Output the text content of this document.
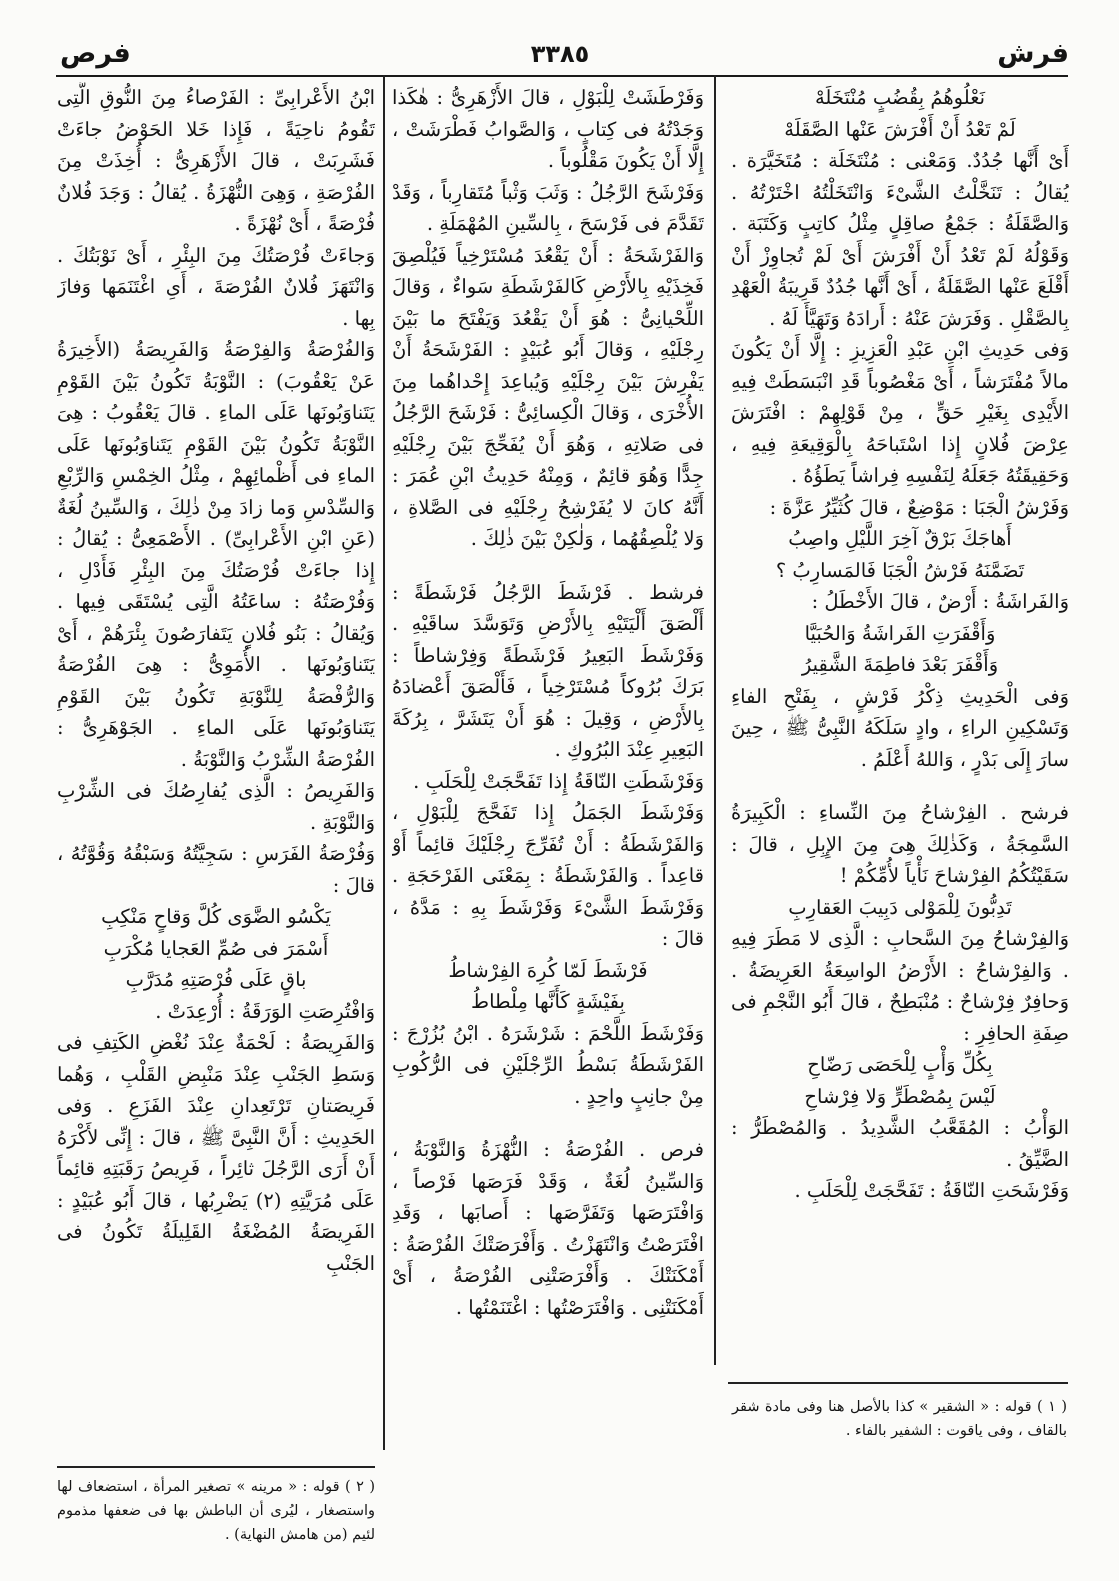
فرش
٣٣٨٥
فرص

نَعْلُوهُمُ بِقُضُبٍ مُنْتَخَلَهْ

لَمْ تَعْدُ أَنْ أَفْرَشَ عَنْها الصَّقَلَهْ

أَىْ أَنَّها جُدُدٌ. وَمَعْنى : مُنْتَخَلَة : مُتَخَيَّرَة . يُقالُ : تَنَخَّلْتُ الشَّىْءَ وَانْتَخَلْتُهُ اخْتَرْتُهُ . وَالصَّقَلَةُ : جَمْعُ صاقِلٍ مِثْلُ كاتِبٍ وَكَتَبَة . وَقَوْلُهُ لَمْ تَعْدُ أَنْ أَفْرَشَ أَىْ لَمْ تُجاوِزْ أَنْ أَقْلَعَ عَنْها الصَّقَلَةُ ، أَىْ أَنَّها جُدُدٌ قَرِيبَةُ الْعَهْدِ بِالصَّقْلِ . وَفَرَشَ عَنْهُ : أَرادَهُ وَتَهَيَّأَ لَهُ .

وَفى حَدِيثِ ابْنِ عَبْدِ الْعَزِيزِ : إِلَّا أَنْ يَكُونَ مالاً مُفْتَرَشاً ، أَىْ مَغْصُوباً قَدِ انْبَسَطَتْ فِيهِ الأَيْدِى بِغَيْرِ حَقٍّ ، مِنْ قَوْلِهِمْ : افْتَرَشَ عِرْضَ فُلانٍ إِذا اسْتَباحَهُ بِالْوَقِيعَةِ فِيهِ ، وَحَقِيقَتُهُ جَعَلَهُ لِنَفْسِهِ فِراشاً يَطَؤُهُ .

وَفَرْشُ الْجَبَا : مَوْضِعٌ ، قالَ كُثَيِّرُ عَزَّةَ :

أَهاجَكَ بَرْقٌ آخِرَ اللَّيْلِ واصِبُ

تَضَمَّنَهُ فَرْشُ الْجَبَا فَالمَسارِبُ ؟

وَالفَراشَةُ : أَرْضٌ ، قالَ الأَخْطَلُ :

وَأَقْفَرَتِ الفَراشَةُ وَالحُبَيَّا

وَأَقْفَرَ بَعْدَ فاطِمَةَ الشَّقِيرُ

وَفى الْحَدِيثِ ذِكْرُ فَرْشٍ ، بِفَتْحِ الفاءِ وَتَسْكِينِ الراءِ ، وادٍ سَلَكَهُ النَّبِىُّ ﷺ ، حِينَ سارَ إِلَى بَدْرٍ ، وَاللهُ أَعْلَمُ .

فرشح . الفِرْشاحُ مِنَ النِّساءِ : الْكَبِيرَةُ السَّمِجَةُ ، وَكَذٰلِكَ هِىَ مِنَ الإِبِلِ ، قالَ : سَقَيْتُكُمُ الفِرْشاحَ نَأْياً لأُمِّكُمْ !

تَدِبُّونَ لِلْمَوْلى دَبِيبَ العَقارِبِ

وَالفِرْشاحُ مِنَ السَّحابِ : الَّذِى لا مَطَرَ فِيهِ . وَالفِرْشاحُ : الأَرْضُ الواسِعَةُ العَرِيضَةُ . وَحافِرٌ فِرْشاحٌ : مُنْبَطِحٌ ، قالَ أَبُو النَّجْمِ فى صِفَةِ الحافِرِ :

بِكُلِّ وَأْبٍ لِلْحَصَى رَضّاحِ

لَيْسَ بِمُصْطَرٍّ وَلا فِرْشاحِ

الوَأْبُ : المُقَعَّبُ الشَّدِيدُ . وَالمُصْطَرُّ : الضَّيِّقُ .

وَفَرْشَحَتِ النّاقَةُ : تَفَحَّجَتْ لِلْحَلَبِ .

وَفَرْطَشَتْ لِلْبَوْلِ ، قالَ الأَزْهَرِىُّ : هٰكَذا وَجَدْتُهُ فى كِتابٍ ، وَالصَّوابُ فَطْرَشَتْ ، إِلَّا أَنْ يَكُونَ مَقْلُوباً .

وَفَرْشَحَ الرَّجُلُ : وَثَبَ وَثْباً مُتَقارِباً ، وَقَدْ تَقَدَّمَ فى فَرْسَحَ ، بِالسِّينِ المُهْمَلَةِ .

وَالفَرْشَحَةُ : أَنْ يَقْعُدَ مُسْتَرْخِياً فَيُلْصِقَ فَخِذَيْهِ بِالأَرْضِ كَالفَرْشَطَةِ سَواءٌ ، وَقالَ اللِّحْيانِىُّ : هُوَ أَنْ يَقْعُدَ وَيَفْتَحَ ما بَيْنَ رِجْلَيْهِ ، وَقالَ أَبُو عُبَيْدٍ : الفَرْشَحَةُ أَنْ يَفْرِشَ بَيْنَ رِجْلَيْهِ وَيُباعِدَ إِحْداهُما مِنَ الأُخْرَى ، وَقالَ الْكِسائِىُّ : فَرْشَحَ الرَّجُلُ فى صَلاتِهِ ، وَهُوَ أَنْ يُفَحِّجَ بَيْنَ رِجْلَيْهِ جِدًّا وَهُوَ قائِمٌ ، وَمِنْهُ حَدِيثُ ابْنِ عُمَرَ : أَنَّهُ كانَ لا يُفَرْشِحُ رِجْلَيْهِ فى الصَّلاةِ ، وَلا يُلْصِقُهُما ، وَلٰكِنْ بَيْنَ ذٰلِكَ .

فرشط . فَرْشَطَ الرَّجُلُ فَرْشَطَةً : أَلْصَقَ أَلْيَتَيْهِ بِالأَرْضِ وَتَوَسَّدَ ساقَيْهِ . وَفَرْشَطَ البَعِيرُ فَرْشَطَةً وَفِرْشاطاً : بَرَكَ بُرُوكاً مُسْتَرْخِياً ، فَأَلْصَقَ أَعْضادَهُ بِالأَرْضِ ، وَقِيلَ : هُوَ أَنْ يَتَشَرَّ ، بِرُكَةَ البَعِيرِ عِنْدَ البُرُوكِ .

وَفَرْشَطَتِ النّاقَةُ إِذا تَفَحَّجَتْ لِلْحَلَبِ .

وَفَرْشَطَ الجَمَلُ إِذا تَفَحَّجَ لِلْبَوْلِ ، وَالفَرْشَطَةُ : أَنْ تُفَرِّجَ رِجْلَيْكَ قائِماً أَوْ قاعِداً . وَالفَرْشَطَةُ : بِمَعْنَى الفَرْحَجَةِ . وَفَرْشَطَ الشَّىْءَ وَفَرْشَطَ بِهِ : مَدَّهُ ، قالَ :

فَرْشَطَ لَمّا كُرِهَ الفِرْشاطُ

بِفَيْشَةٍ كَأَنَّها مِلْطاطُ

وَفَرْشَطَ اللَّحْمَ : شَرْشَرَهُ . ابْنُ بُزُرْجَ : الفَرْشَطَةُ بَسْطُ الرِّجْلَيْنِ فى الرُّكُوبِ مِنْ جانِبٍ واحِدٍ .

فرص . الفُرْصَةُ : النُّهْزَةُ وَالنَّوْبَةُ ، وَالسِّينُ لُغَةٌ ، وَقَدْ فَرَصَها فَرْصاً ، وَافْتَرَصَها وَتَفَرَّصَها : أَصابَها ، وَقَدِ افْتَرَصْتُ وَانْتَهَزْتُ . وَأَفْرَصَتْكَ الفُرْصَةُ : أَمْكَنَتْكَ . وَأَفْرَصَتْنِى الفُرْصَةُ ، أَىْ أَمْكَنَتْنِى . وَافْتَرَصْتُها : اغْتَنَمْتُها .

ابْنُ الأَعْرابِىِّ : الفَرْصاءُ مِنَ النُّوقِ الَّتِى تَقُومُ ناحِيَةً ، فَإِذا خَلا الحَوْضُ جاءَتْ فَشَرِبَتْ ، قالَ الأَزْهَرِىُّ : أُخِذَتْ مِنَ الفُرْصَةِ ، وَهِىَ النُّهْزَةُ . يُقالُ : وَجَدَ فُلانٌ فُرْصَةً ، أَىْ نُهْزَةً .

وَجاءَتْ فُرْصَتُكَ مِنَ البِئْرِ ، أَىْ نَوْبَتُكَ . وَانْتَهَزَ فُلانٌ الفُرْصَةَ ، أَىِ اغْتَنَمَها وَفازَ بِها .

وَالفُرْصَةُ وَالفِرْصَةُ وَالفَرِيصَةُ (الأَخِيرَةُ عَنْ يَعْقُوبَ) : النَّوْبَةُ تَكُونُ بَيْنَ القَوْمِ يَتَناوَبُونَها عَلَى الماءِ . قالَ يَعْقُوبُ : هِىَ النَّوْبَةُ تَكُونُ بَيْنَ القَوْمِ يَتَناوَبُونَها عَلَى الماءِ فى أَظْمائِهِمْ ، مِثْلُ الخِمْسِ وَالرِّبْعِ وَالسِّدْسِ وَما زادَ مِنْ ذٰلِكَ ، وَالسِّينُ لُغَةٌ (عَنِ ابْنِ الأَعْرابِىِّ) . الأَصْمَعِىُّ : يُقالُ : إِذا جاءَتْ فُرْصَتُكَ مِنَ البِئْرِ فَأَدْلِ ، وَفُرْصَتُهُ : ساعَتُهُ الَّتِى يُسْتَقَى فِيها . وَيُقالُ : بَنُو فُلانٍ يَتَفارَصُونَ بِئْرَهُمْ ، أَىْ يَتَناوَبُونَها . الأُمَوِىُّ : هِىَ الفُرْصَةُ وَالرُّفْصَةُ لِلنَّوْبَةِ تَكُونُ بَيْنَ القَوْمِ يَتَناوَبُونَها عَلَى الماءِ . الجَوْهَرِىُّ : الفُرْصَةُ الشِّرْبُ وَالنَّوْبَةُ .

وَالفَرِيصُ : الَّذِى يُفارِصُكَ فى الشِّرْبِ وَالنَّوْبَةِ .

وَفُرْصَةُ الفَرَسِ : سَجِيَّتُهُ وَسَبْقُهُ وَقُوَّتُهُ ، قالَ :

يَكْسُو الضَّوَى كُلَّ وَقاحٍ مَنْكِبِ

أَسْمَرَ فى صُمِّ العَجايا مُكْرَبِ

باقٍ عَلَى فُرْصَتِهِ مُدَرَّبِ

وَافْتُرِصَتِ الوَرَقَةُ : أُرْعِدَتْ .

وَالفَرِيصَةُ : لَحْمَةٌ عِنْدَ نُغْضِ الكَتِفِ فى وَسَطِ الجَنْبِ عِنْدَ مَنْبِضِ القَلْبِ ، وَهُما فَرِيصَتانِ تَرْتَعِدانِ عِنْدَ الفَزَعِ . وَفى الحَدِيثِ : أَنَّ النَّبِىَّ ﷺ ، قالَ : إِنِّى لأَكْرَهُ أَنْ أَرَى الرَّجُلَ ثائِراً ، فَرِيصُ رَقَبَتِهِ قائِماً عَلَى مُرَيَّتِهِ (٢) يَضْرِبُها ، قالَ أَبُو عُبَيْدٍ : الفَرِيصَةُ المُضْغَةُ القَلِيلَةُ تَكُونُ فى الجَنْبِ

( ١ ) قوله : « الشقير » كذا بالأصل هنا وفى مادة شقر بالقاف ، وفى ياقوت : الشفير بالفاء .
( ٢ ) قوله : « مرينه » تصغير المرأة ، استضعاف لها واستصغار ، ليُرى أن الباطش بها فى ضعفها مذموم لئيم (من هامش النهاية) .
